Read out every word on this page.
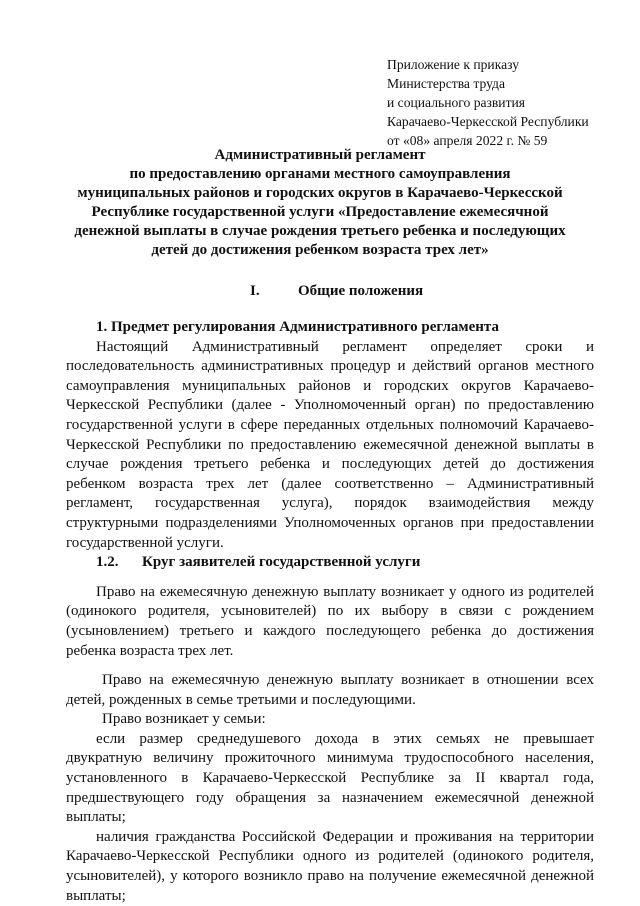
Приложение к приказу
Министерства труда
и социального развития
Карачаево-Черкесской Республики
от «08» апреля 2022 г. № 59
Административный регламент
по предоставлению органами местного самоуправления
муниципальных районов и городских округов в Карачаево-Черкесской
Республике государственной услуги «Предоставление ежемесячной
денежной выплаты в случае рождения третьего ребенка и последующих
детей до достижения ребенком возраста трех лет»
I.	Общие положения
1. Предмет регулирования Административного регламента
Настоящий Административный регламент определяет сроки и
последовательность административных процедур и действий органов местного
самоуправления муниципальных районов и городских округов Карачаево-
Черкесской Республики (далее - Уполномоченный орган) по предоставлению
государственной услуги в сфере переданных отдельных полномочий Карачаево-
Черкесской Республики по предоставлению ежемесячной денежной выплаты в
случае рождения третьего ребенка и последующих детей до достижения
ребенком возраста трех лет (далее соответственно – Административный
регламент, государственная услуга), порядок взаимодействия между
структурными подразделениями Уполномоченных органов при предоставлении
государственной услуги.
1.2. Круг заявителей государственной услуги
Право на ежемесячную денежную выплату возникает у одного из родителей
(одинокого родителя, усыновителей) по их выбору в связи с рождением
(усыновлением) третьего и каждого последующего ребенка до достижения
ребенка возраста трех лет.
Право на ежемесячную денежную выплату возникает в отношении всех
детей, рожденных в семье третьими и последующими.
Право возникает у семьи:
если размер среднедушевого дохода в этих семьях не превышает
двукратную величину прожиточного минимума трудоспособного населения,
установленного в Карачаево-Черкесской Республике за II квартал года,
предшествующего году обращения за назначением ежемесячной денежной
выплаты;
наличия гражданства Российской Федерации и проживания на территории
Карачаево-Черкесской Республики одного из родителей (одинокого родителя,
усыновителей), у которого возникло право на получение ежемесячной денежной
выплаты;
